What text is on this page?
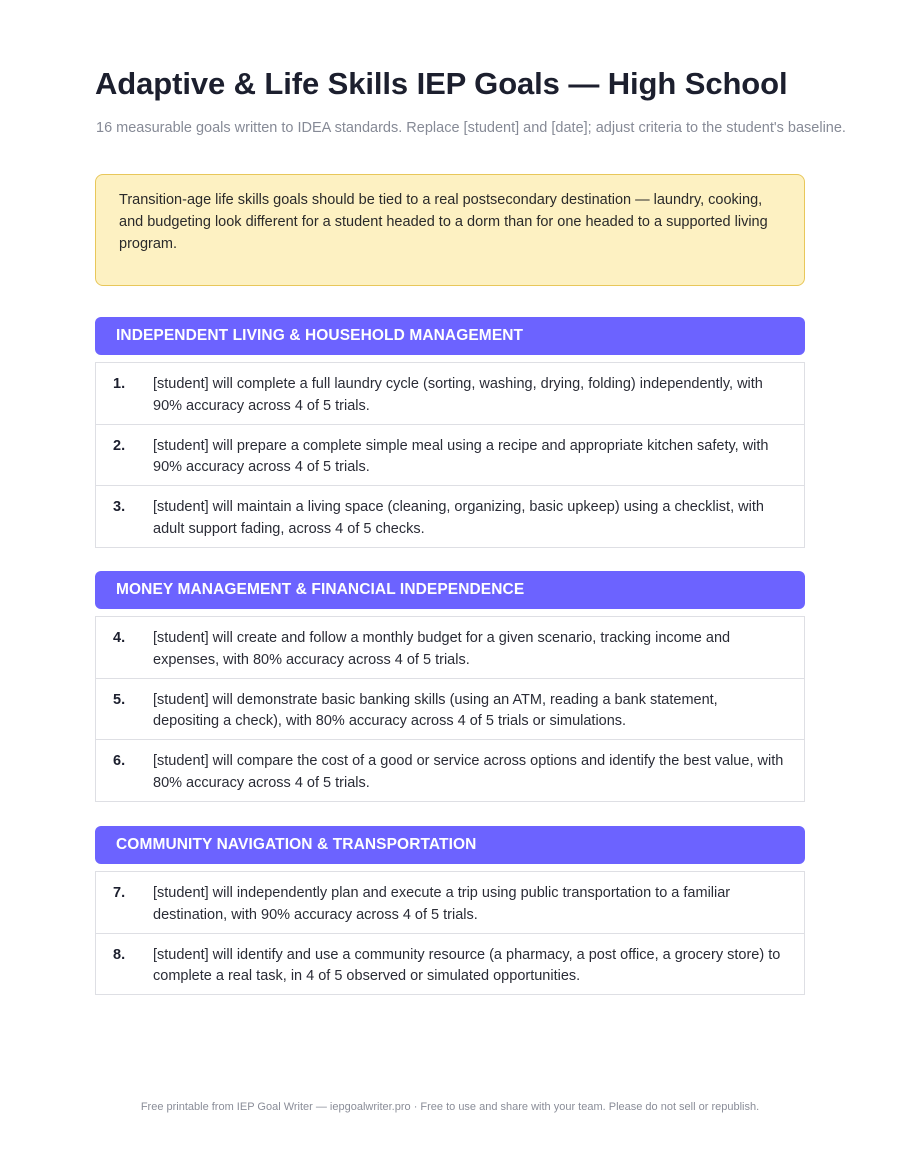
Adaptive & Life Skills IEP Goals — High School
16 measurable goals written to IDEA standards. Replace [student] and [date]; adjust criteria to the student's baseline.
Transition-age life skills goals should be tied to a real postsecondary destination — laundry, cooking, and budgeting look different for a student headed to a dorm than for one headed to a supported living program.
INDEPENDENT LIVING & HOUSEHOLD MANAGEMENT
1. [student] will complete a full laundry cycle (sorting, washing, drying, folding) independently, with 90% accuracy across 4 of 5 trials.
2. [student] will prepare a complete simple meal using a recipe and appropriate kitchen safety, with 90% accuracy across 4 of 5 trials.
3. [student] will maintain a living space (cleaning, organizing, basic upkeep) using a checklist, with adult support fading, across 4 of 5 checks.
MONEY MANAGEMENT & FINANCIAL INDEPENDENCE
4. [student] will create and follow a monthly budget for a given scenario, tracking income and expenses, with 80% accuracy across 4 of 5 trials.
5. [student] will demonstrate basic banking skills (using an ATM, reading a bank statement, depositing a check), with 80% accuracy across 4 of 5 trials or simulations.
6. [student] will compare the cost of a good or service across options and identify the best value, with 80% accuracy across 4 of 5 trials.
COMMUNITY NAVIGATION & TRANSPORTATION
7. [student] will independently plan and execute a trip using public transportation to a familiar destination, with 90% accuracy across 4 of 5 trials.
8. [student] will identify and use a community resource (a pharmacy, a post office, a grocery store) to complete a real task, in 4 of 5 observed or simulated opportunities.
Free printable from IEP Goal Writer — iepgoalwriter.pro · Free to use and share with your team. Please do not sell or republish.
